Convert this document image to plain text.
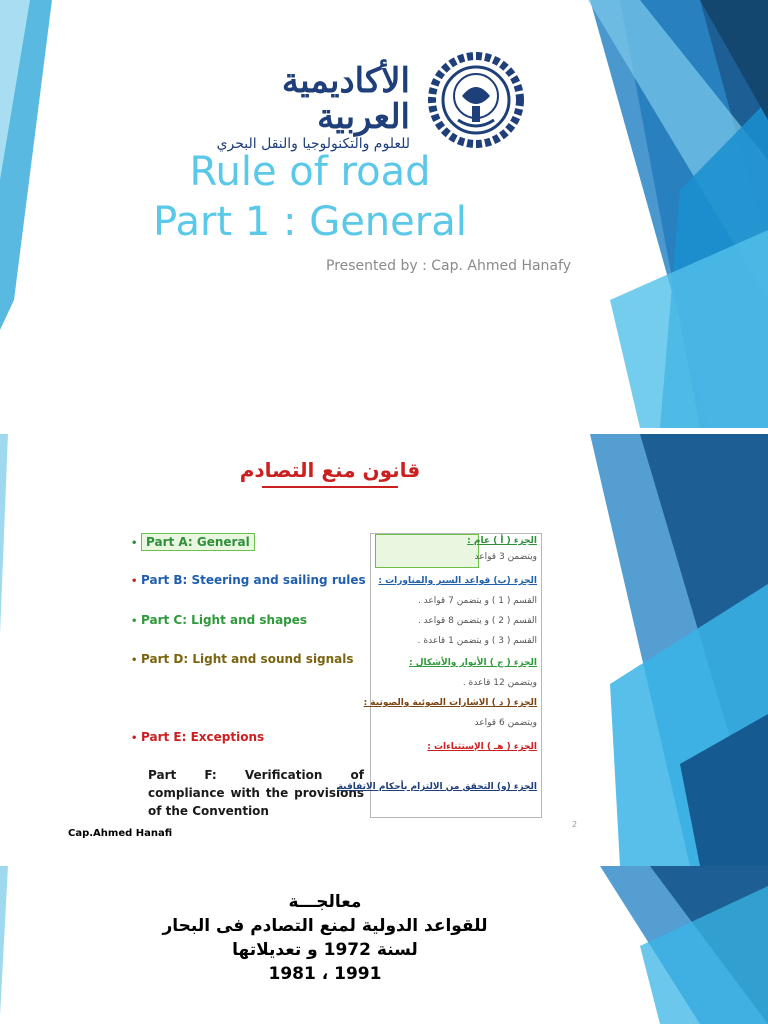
الأكاديمية العربية
للعلوم والتكنولوجيا والنقل البحري
Rule of road
Part 1 : General
Presented by : Cap. Ahmed Hanafy
قانون منع التصادم
• Part A: General
• Part B: Steering and sailing rules
• Part C: Light and shapes
• Part D: Light and sound signals
• Part E: Exceptions
Part F: Verification of compliance with the provisions of the Convention
الجزء ( أ ) عام :
ويتضمن 3 قواعد
الجزء (ب) قواعد السير والمناورات :
القسم ( 1 ) و يتضمن 7 قواعد .
القسم ( 2 ) و يتضمن 8 قواعد .
القسم ( 3 ) و يتضمن 1 قاعدة .
الجزء ( ج ) الأنوار والأشكال :
ويتضمن 12 قاعدة .
الجزء ( د ) الاشارات الضوئية والصوتية :
ويتضمن 6 قواعد
الجزء ( هـ ) الإستثناءات :
الجزء (و) التحقق من الالتزام بأحكام الاتفاقية
Cap.Ahmed Hanafi
2
معالجـــة
للقواعد الدولية لمنع التصادم فى البحار
لسنة 1972 و تعديلاتها
1991 ، 1981
